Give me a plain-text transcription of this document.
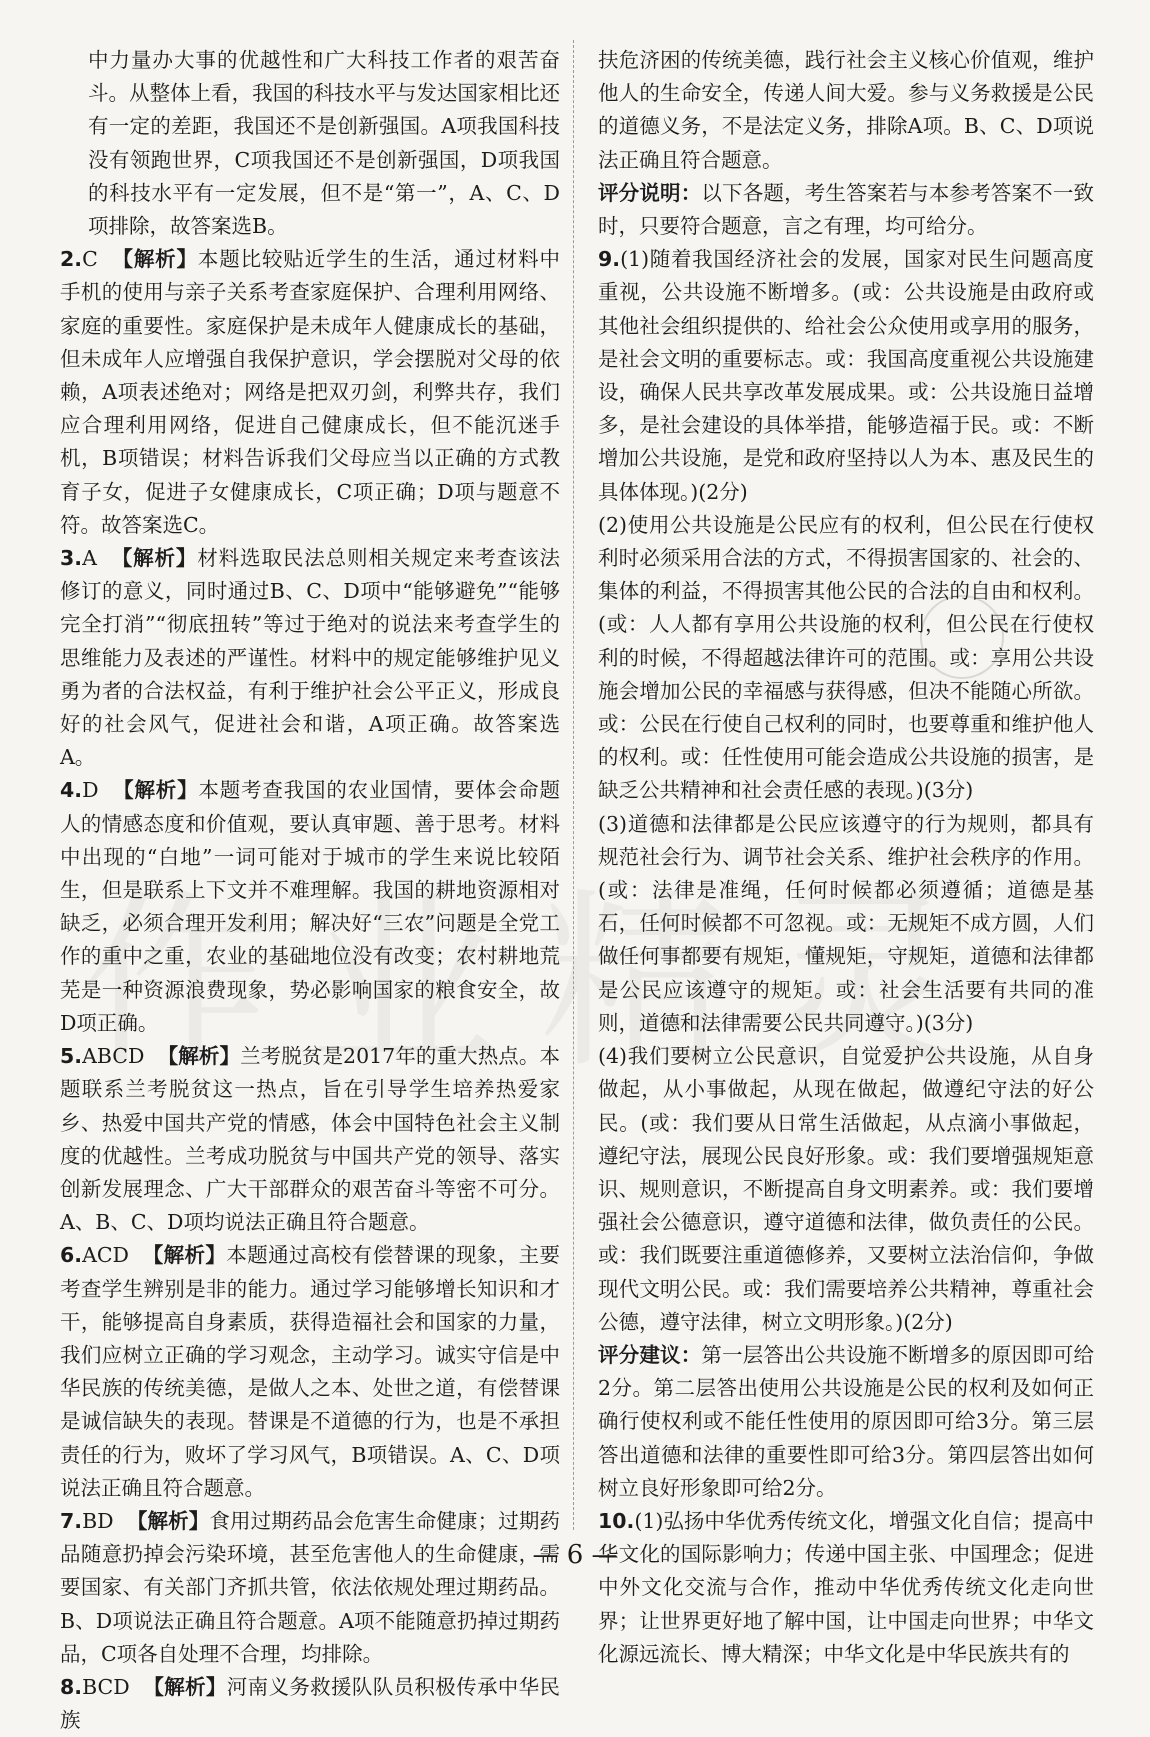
中力量办大事的优越性和广大科技工作者的艰苦奋斗。从整体上看，我国的科技水平与发达国家相比还有一定的差距，我国还不是创新强国。A项我国科技没有领跑世界，C项我国还不是创新强国，D项我国的科技水平有一定发展，但不是“第一”，A、C、D项排除，故答案选B。

2.C 【解析】本题比较贴近学生的生活，通过材料中手机的使用与亲子关系考查家庭保护、合理利用网络、家庭的重要性。家庭保护是未成年人健康成长的基础，但未成年人应增强自我保护意识，学会摆脱对父母的依赖，A项表述绝对；网络是把双刃剑，利弊共存，我们应合理利用网络，促进自己健康成长，但不能沉迷手机，B项错误；材料告诉我们父母应当以正确的方式教育子女，促进子女健康成长，C项正确；D项与题意不符。故答案选C。

3.A 【解析】材料选取民法总则相关规定来考查该法修订的意义，同时通过B、C、D项中“能够避免”“能够完全打消”“彻底扭转”等过于绝对的说法来考查学生的思维能力及表述的严谨性。材料中的规定能够维护见义勇为者的合法权益，有利于维护社会公平正义，形成良好的社会风气，促进社会和谐，A项正确。故答案选A。

4.D 【解析】本题考查我国的农业国情，要体会命题人的情感态度和价值观，要认真审题、善于思考。材料中出现的“白地”一词可能对于城市的学生来说比较陌生，但是联系上下文并不难理解。我国的耕地资源相对缺乏，必须合理开发利用；解决好“三农”问题是全党工作的重中之重，农业的基础地位没有改变；农村耕地荒芜是一种资源浪费现象，势必影响国家的粮食安全，故D项正确。

5.ABCD 【解析】兰考脱贫是2017年的重大热点。本题联系兰考脱贫这一热点，旨在引导学生培养热爱家乡、热爱中国共产党的情感，体会中国特色社会主义制度的优越性。兰考成功脱贫与中国共产党的领导、落实创新发展理念、广大干部群众的艰苦奋斗等密不可分。A、B、C、D项均说法正确且符合题意。

6.ACD 【解析】本题通过高校有偿替课的现象，主要考查学生辨别是非的能力。通过学习能够增长知识和才干，能够提高自身素质，获得造福社会和国家的力量，我们应树立正确的学习观念，主动学习。诚实守信是中华民族的传统美德，是做人之本、处世之道，有偿替课是诚信缺失的表现。替课是不道德的行为，也是不承担责任的行为，败坏了学习风气，B项错误。A、C、D项说法正确且符合题意。

7.BD 【解析】食用过期药品会危害生命健康；过期药品随意扔掉会污染环境，甚至危害他人的生命健康，需要国家、有关部门齐抓共管，依法依规处理过期药品。B、D项说法正确且符合题意。A项不能随意扔掉过期药品，C项各自处理不合理，均排除。

8.BCD 【解析】河南义务救援队队员积极传承中华民族

扶危济困的传统美德，践行社会主义核心价值观，维护他人的生命安全，传递人间大爱。参与义务救援是公民的道德义务，不是法定义务，排除A项。B、C、D项说法正确且符合题意。

评分说明：以下各题，考生答案若与本参考答案不一致时，只要符合题意，言之有理，均可给分。

9.(1)随着我国经济社会的发展，国家对民生问题高度重视，公共设施不断增多。(或：公共设施是由政府或其他社会组织提供的、给社会公众使用或享用的服务，是社会文明的重要标志。或：我国高度重视公共设施建设，确保人民共享改革发展成果。或：公共设施日益增多，是社会建设的具体举措，能够造福于民。或：不断增加公共设施，是党和政府坚持以人为本、惠及民生的具体体现。)(2分)

(2)使用公共设施是公民应有的权利，但公民在行使权利时必须采用合法的方式，不得损害国家的、社会的、集体的利益，不得损害其他公民的合法的自由和权利。(或：人人都有享用公共设施的权利，但公民在行使权利的时候，不得超越法律许可的范围。或：享用公共设施会增加公民的幸福感与获得感，但决不能随心所欲。或：公民在行使自己权利的同时，也要尊重和维护他人的权利。或：任性使用可能会造成公共设施的损害，是缺乏公共精神和社会责任感的表现。)(3分)

(3)道德和法律都是公民应该遵守的行为规则，都具有规范社会行为、调节社会关系、维护社会秩序的作用。(或：法律是准绳，任何时候都必须遵循；道德是基石，任何时候都不可忽视。或：无规矩不成方圆，人们做任何事都要有规矩，懂规矩，守规矩，道德和法律都是公民应该遵守的规矩。或：社会生活要有共同的准则，道德和法律需要公民共同遵守。)(3分)

(4)我们要树立公民意识，自觉爱护公共设施，从自身做起，从小事做起，从现在做起，做遵纪守法的好公民。(或：我们要从日常生活做起，从点滴小事做起，遵纪守法，展现公民良好形象。或：我们要增强规矩意识、规则意识，不断提高自身文明素养。或：我们要增强社会公德意识，遵守道德和法律，做负责任的公民。或：我们既要注重道德修养，又要树立法治信仰，争做现代文明公民。或：我们需要培养公共精神，尊重社会公德，遵守法律，树立文明形象。)(2分)

评分建议：第一层答出公共设施不断增多的原因即可给2分。第二层答出使用公共设施是公民的权利及如何正确行使权利或不能任性使用的原因即可给3分。第三层答出道德和法律的重要性即可给3分。第四层答出如何树立良好形象即可给2分。

10.(1)弘扬中华优秀传统文化，增强文化自信；提高中华文化的国际影响力；传递中国主张、中国理念；促进中外文化交流与合作，推动中华优秀传统文化走向世界；让世界更好地了解中国，让中国走向世界；中华文化源远流长、博大精深；中华文化是中华民族共有的

— 6 —
